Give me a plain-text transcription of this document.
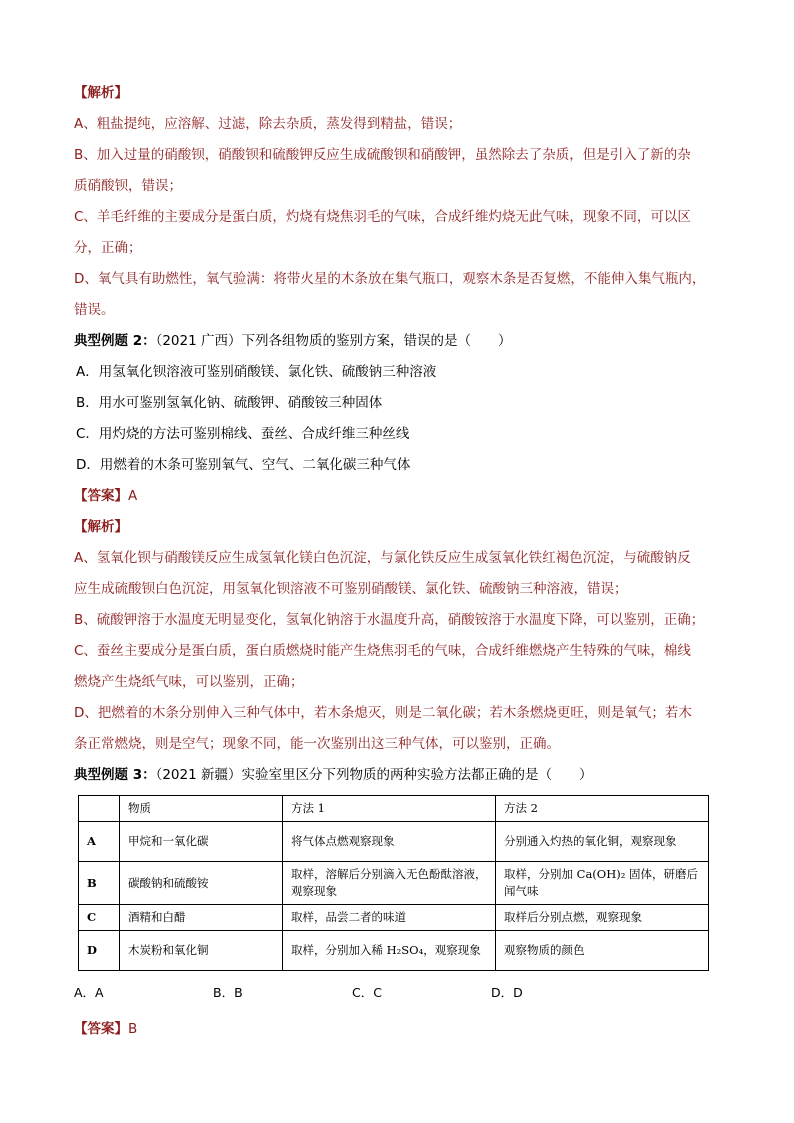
【解析】
A、粗盐提纯，应溶解、过滤，除去杂质，蒸发得到精盐，错误；
B、加入过量的硝酸钡，硝酸钡和硫酸钾反应生成硫酸钡和硝酸钾，虽然除去了杂质，但是引入了新的杂
质硝酸钡，错误；
C、羊毛纤维的主要成分是蛋白质，灼烧有烧焦羽毛的气味，合成纤维灼烧无此气味，现象不同，可以区
分，正确；
D、氧气具有助燃性，氧气验满：将带火星的木条放在集气瓶口，观察木条是否复燃，不能伸入集气瓶内，
错误。
典型例题 2：（2021 广西）下列各组物质的鉴别方案，错误的是（　　）
A．用氢氧化钡溶液可鉴别硝酸镁、氯化铁、硫酸钠三种溶液
B．用水可鉴别氢氧化钠、硫酸钾、硝酸铵三种固体
C．用灼烧的方法可鉴别棉线、蚕丝、合成纤维三种丝线
D．用燃着的木条可鉴别氧气、空气、二氧化碳三种气体
【答案】A
【解析】
A、氢氧化钡与硝酸镁反应生成氢氧化镁白色沉淀，与氯化铁反应生成氢氧化铁红褐色沉淀，与硫酸钠反
应生成硫酸钡白色沉淀，用氢氧化钡溶液不可鉴别硝酸镁、氯化铁、硫酸钠三种溶液，错误；
B、硫酸钾溶于水温度无明显变化，氢氧化钠溶于水温度升高，硝酸铵溶于水温度下降，可以鉴别，正确；
C、蚕丝主要成分是蛋白质，蛋白质燃烧时能产生烧焦羽毛的气味，合成纤维燃烧产生特殊的气味，棉线
燃烧产生烧纸气味，可以鉴别，正确；
D、把燃着的木条分别伸入三种气体中，若木条熄灭，则是二氧化碳；若木条燃烧更旺，则是氧气；若木
条正常燃烧，则是空气；现象不同，能一次鉴别出这三种气体，可以鉴别，正确。
典型例题 3：（2021 新疆）实验室里区分下列物质的两种实验方法都正确的是（　　）
	物质	方法 1	方法 2
A	甲烷和一氧化碳	将气体点燃观察现象	分别通入灼热的氧化铜，观察现象
B	碳酸钠和硫酸铵	取样，溶解后分别滴入无色酚酞溶液，观察现象	取样，分别加 Ca(OH)₂ 固体，研磨后闻气味
C	酒精和白醋	取样，品尝二者的味道	取样后分别点燃，观察现象
D	木炭粉和氧化铜	取样，分别加入稀 H₂SO₄，观察现象	观察物质的颜色
A．A	B．B	C．C	D．D
【答案】B
